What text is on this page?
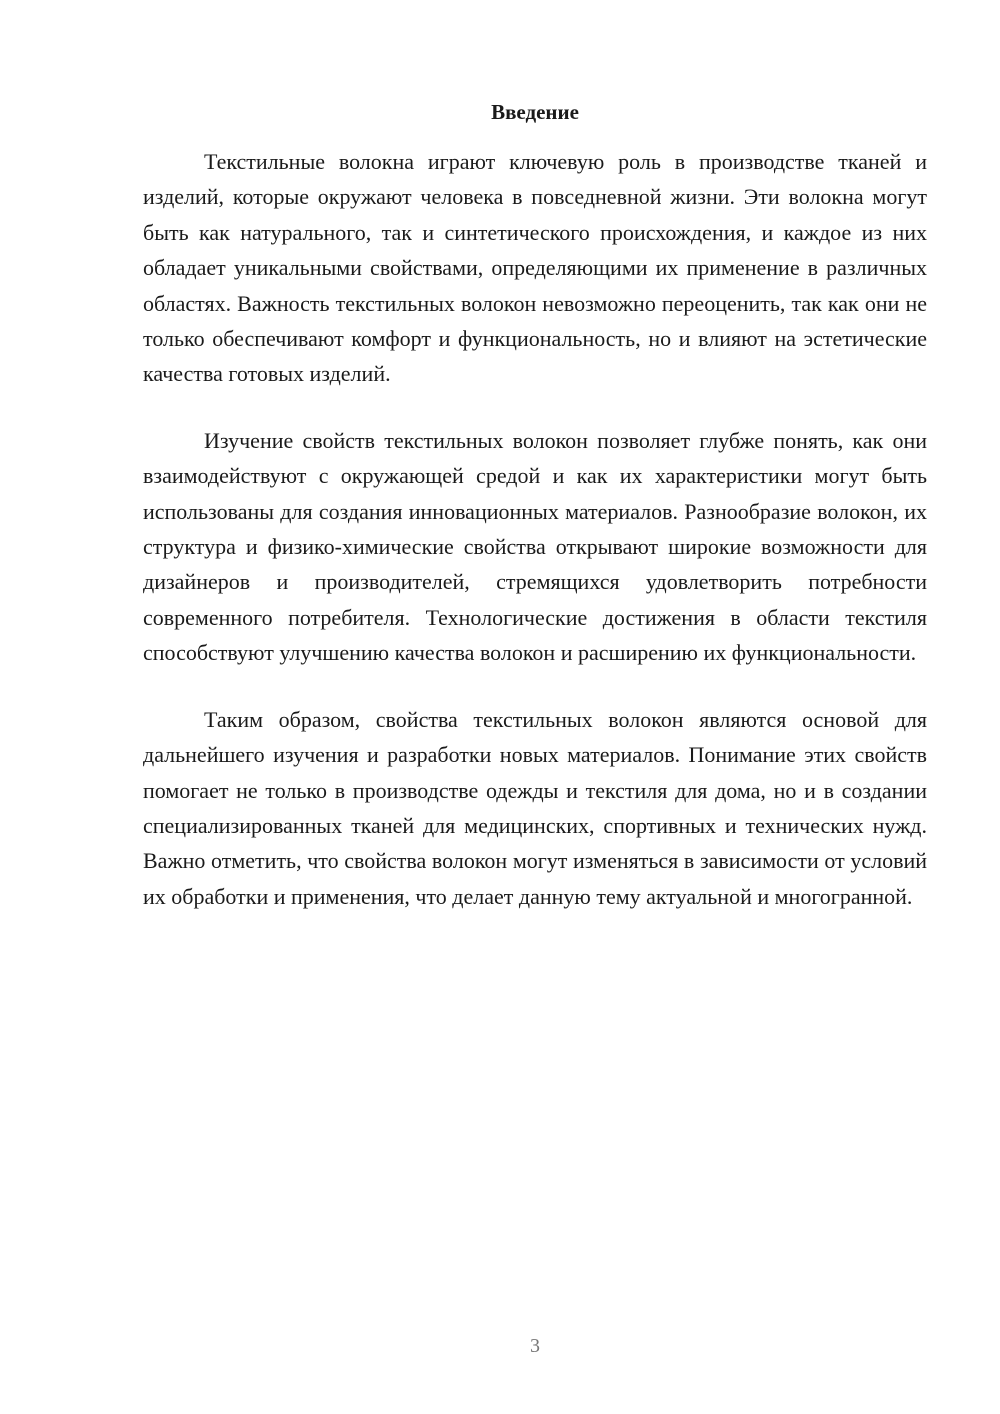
Введение

Текстильные волокна играют ключевую роль в производстве тканей и изделий, которые окружают человека в повседневной жизни. Эти волокна могут быть как натурального, так и синтетического происхождения, и каждое из них обладает уникальными свойствами, определяющими их применение в различных областях. Важность текстильных волокон невозможно переоценить, так как они не только обеспечивают комфорт и функциональность, но и влияют на эстетические качества готовых изделий.

Изучение свойств текстильных волокон позволяет глубже понять, как они взаимодействуют с окружающей средой и как их характеристики могут быть использованы для создания инновационных материалов. Разнообразие волокон, их структура и физико-химические свойства открывают широкие возможности для дизайнеров и производителей, стремящихся удовлетворить потребности современного потребителя. Технологические достижения в области текстиля способствуют улучшению качества волокон и расширению их функциональности.

Таким образом, свойства текстильных волокон являются основой для дальнейшего изучения и разработки новых материалов. Понимание этих свойств помогает не только в производстве одежды и текстиля для дома, но и в создании специализированных тканей для медицинских, спортивных и технических нужд. Важно отметить, что свойства волокон могут изменяться в зависимости от условий их обработки и применения, что делает данную тему актуальной и многогранной.

3
